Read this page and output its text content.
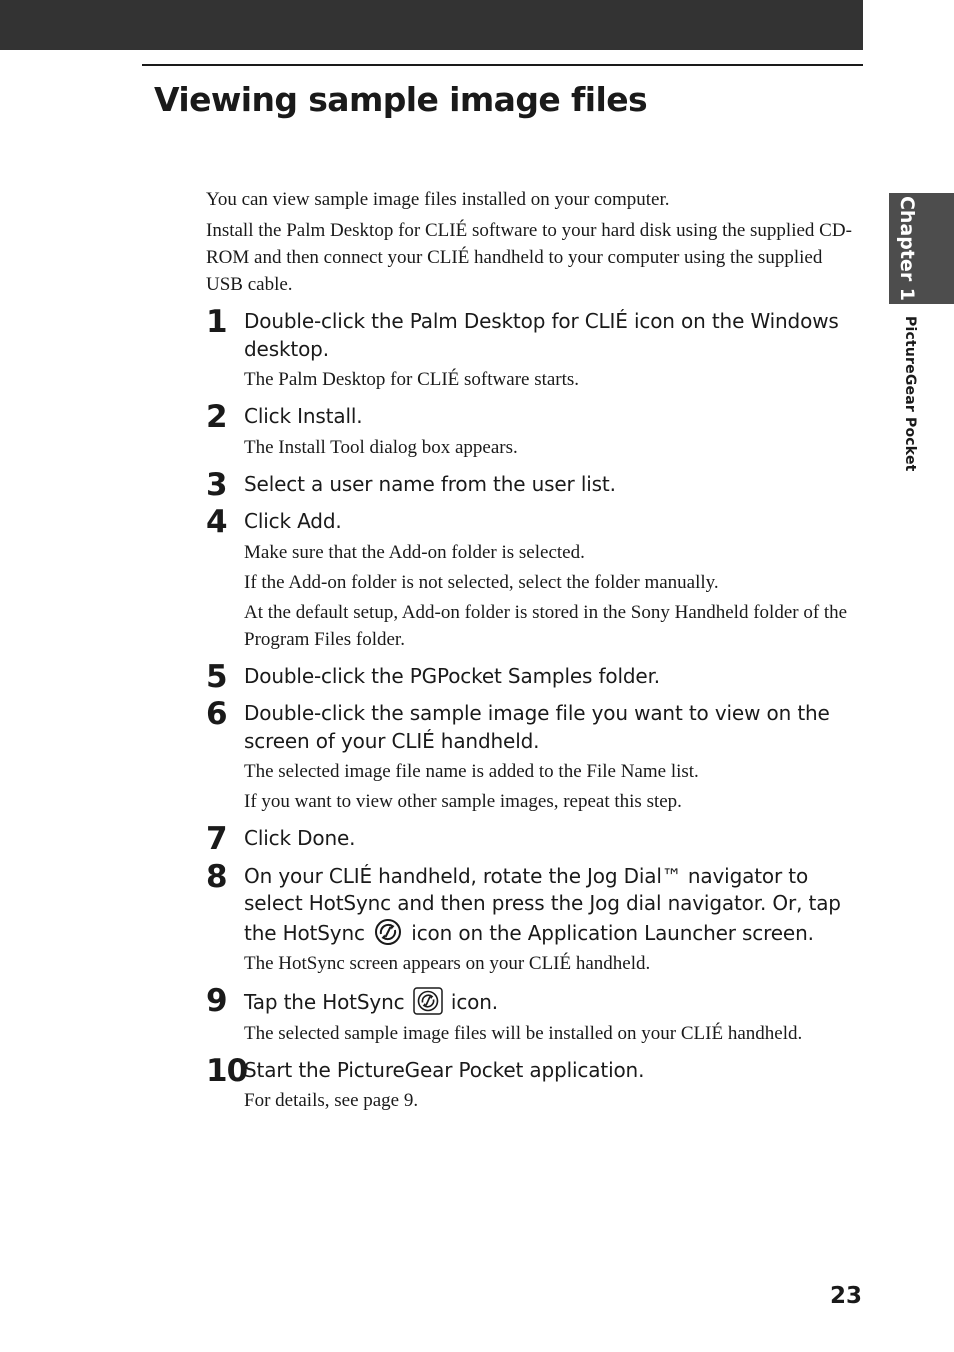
Viewing sample image files
Chapter 1
PictureGear Pocket

You can view sample image files installed on your computer.

Install the Palm Desktop for CLIÉ software to your hard disk using the supplied CD-ROM and then connect your CLIÉ handheld to your computer using the supplied USB cable.

1 Double-click the Palm Desktop for CLIÉ icon on the Windows desktop.

The Palm Desktop for CLIÉ software starts.

2 Click Install.

The Install Tool dialog box appears.

3 Select a user name from the user list.

4 Click Add.

Make sure that the Add-on folder is selected.

If the Add-on folder is not selected, select the folder manually.

At the default setup, Add-on folder is stored in the Sony Handheld folder of the Program Files folder.

5 Double-click the PGPocket Samples folder.

6 Double-click the sample image file you want to view on the screen of your CLIÉ handheld.

The selected image file name is added to the File Name list.

If you want to view other sample images, repeat this step.

7 Click Done.

8 On your CLIÉ handheld, rotate the Jog Dial™ navigator to select HotSync and then press the Jog dial navigator. Or, tap the HotSync icon on the Application Launcher screen.

The HotSync screen appears on your CLIÉ handheld.

9 Tap the HotSync icon.

The selected sample image files will be installed on your CLIÉ handheld.

10

Start the PictureGear Pocket application.

For details, see page 9.

23
